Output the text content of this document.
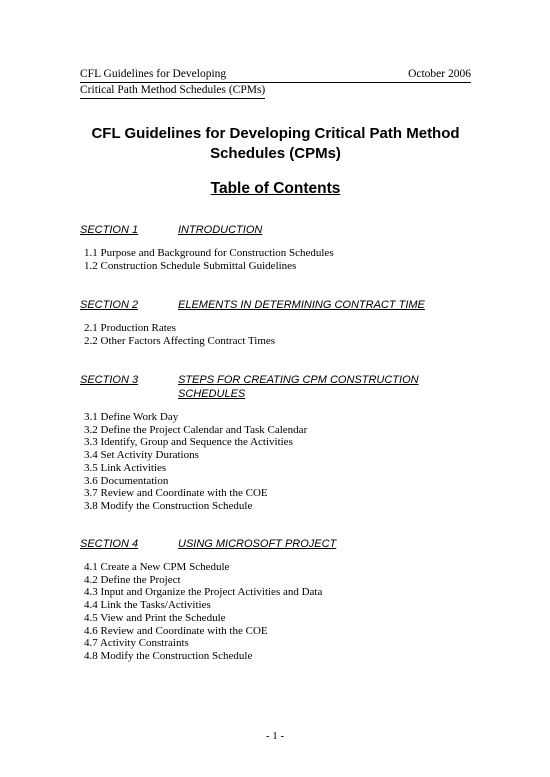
CFL Guidelines for Developing	October 2006
Critical Path Method Schedules (CPMs)
CFL Guidelines for Developing Critical Path Method Schedules (CPMs)
Table of Contents
SECTION 1	INTRODUCTION
1.1 Purpose and Background for Construction Schedules
1.2 Construction Schedule Submittal Guidelines
SECTION 2	ELEMENTS IN DETERMINING CONTRACT TIME
2.1 Production Rates
2.2 Other Factors Affecting Contract Times
SECTION 3	STEPS FOR CREATING CPM CONSTRUCTION SCHEDULES
3.1 Define Work Day
3.2 Define the Project Calendar and Task Calendar
3.3 Identify, Group and Sequence the Activities
3.4 Set Activity Durations
3.5 Link Activities
3.6 Documentation
3.7 Review and Coordinate with the COE
3.8 Modify the Construction Schedule
SECTION 4	USING MICROSOFT PROJECT
4.1 Create a New CPM Schedule
4.2 Define the Project
4.3 Input and Organize the Project Activities and Data
4.4 Link the Tasks/Activities
4.5 View and Print the Schedule
4.6 Review and Coordinate with the COE
4.7 Activity Constraints
4.8 Modify the Construction Schedule
- 1 -
